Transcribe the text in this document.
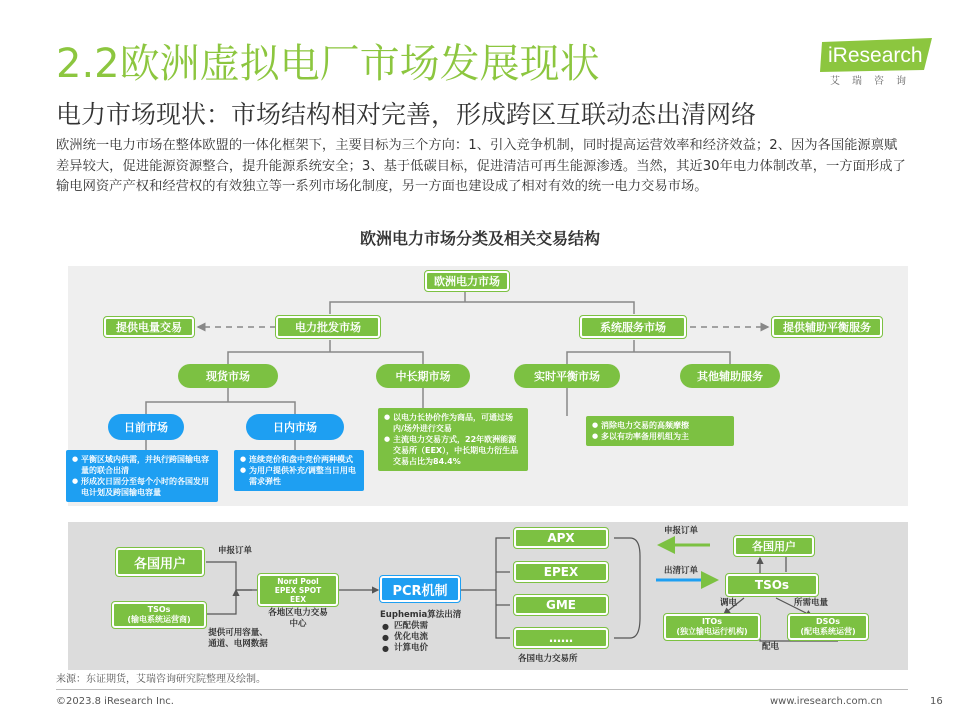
2.2欧洲虚拟电厂市场发展现状
电力市场现状：市场结构相对完善，形成跨区互联动态出清网络
欧洲统一电力市场在整体欧盟的一体化框架下，主要目标为三个方向：1、引入竞争机制，同时提高运营效率和经济效益；2、因为各国能源禀赋差异较大，促进能源资源整合，提升能源系统安全；3、基于低碳目标，促进清洁可再生能源渗透。当然，其近30年电力体制改革，一方面形成了输电网资产产权和经营权的有效独立等一系列市场化制度，另一方面也建设成了相对有效的统一电力交易市场。
欧洲电力市场分类及相关交易结构
iResearch
艾瑞咨询
欧洲电力市场
电力批发市场	系统服务市场
提供电量交易	提供辅助平衡服务
现货市场	中长期市场	实时平衡市场	其他辅助服务
日前市场	日内市场
● 平衡区域内供需，并执行跨国输电容量的联合出清
● 形成次日固分至每个小时的各国发用电计划及跨国输电容量
● 连续竞价和盘中竞价两种模式
● 为用户提供补充/调整当日用电需求弹性
● 以电力长协价作为商品，可通过场内/场外进行交易
● 主流电力交易方式，22年欧洲能源交易所（EEX），中长期电力衍生品交易占比为84.4%
● 消除电力交易的高频摩擦
● 多以有功率备用机组为主
各国用户
TSOs
(输电系统运营商)
申报订单
提供可用容量、通道、电网数据
Nord Pool
EPEX SPOT
EEX
各地区电力交易中心
PCR机制
Euphemia算法出清
● 匹配供需
● 优化电流
● 计算电价
APX
EPEX
GME
……
各国电力交易所
申报订单
出清订单
各国用户
TSOs
调电	所需电量
ITOs
(独立输电运行机构)
DSOs
(配电系统运营)
配电
来源：东证期货，艾瑞咨询研究院整理及绘制。
©2023.8 iResearch Inc.	www.iresearch.com.cn	16
